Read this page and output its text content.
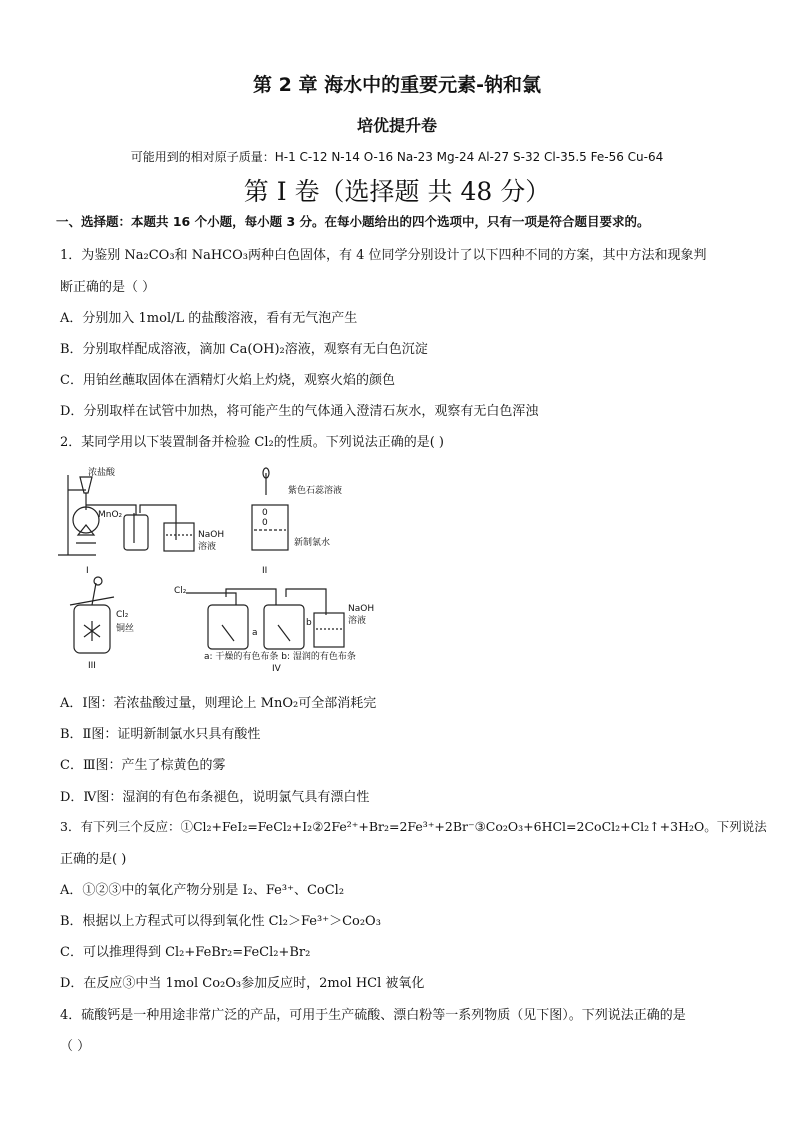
第 2 章 海水中的重要元素-钠和氯
培优提升卷
可能用到的相对原子质量：H-1 C-12 N-14 O-16 Na-23 Mg-24 Al-27 S-32 Cl-35.5 Fe-56 Cu-64
第 I 卷（选择题 共 48 分）
一、选择题：本题共 16 个小题，每小题 3 分。在每小题给出的四个选项中，只有一项是符合题目要求的。
1．为鉴别 Na₂CO₃和 NaHCO₃两种白色固体，有 4 位同学分别设计了以下四种不同的方案，其中方法和现象判
断正确的是（ ）
A．分别加入 1mol/L 的盐酸溶液，看有无气泡产生
B．分别取样配成溶液，滴加 Ca(OH)₂溶液，观察有无白色沉淀
C．用铂丝蘸取固体在酒精灯火焰上灼烧，观察火焰的颜色
D．分别取样在试管中加热，将可能产生的气体通入澄清石灰水，观察有无白色浑浊
2．某同学用以下装置制备并检验 Cl₂的性质。下列说法正确的是( )
浓盐酸
MnO₂
NaOH
溶液
I
0
0
紫色石蕊溶液
新制氯水
II
Cl₂
铜丝
III
Cl₂
a
b
NaOH
溶液
a: 干燥的有色布条 b: 湿润的有色布条
IV
A．Ⅰ图：若浓盐酸过量，则理论上 MnO₂可全部消耗完
B．Ⅱ图：证明新制氯水只具有酸性
C．Ⅲ图：产生了棕黄色的雾
D．Ⅳ图：湿润的有色布条褪色，说明氯气具有漂白性
3．有下列三个反应：①Cl₂+FeI₂=FeCl₂+I₂②2Fe²⁺+Br₂=2Fe³⁺+2Br⁻③Co₂O₃+6HCl=2CoCl₂+Cl₂↑+3H₂O。下列说法
正确的是( )
A．①②③中的氧化产物分别是 I₂、Fe³⁺、CoCl₂
B．根据以上方程式可以得到氧化性 Cl₂＞Fe³⁺＞Co₂O₃
C．可以推理得到 Cl₂+FeBr₂=FeCl₂+Br₂
D．在反应③中当 1mol Co₂O₃参加反应时，2mol HCl 被氧化
4．硫酸钙是一种用途非常广泛的产品，可用于生产硫酸、漂白粉等一系列物质（见下图）。下列说法正确的是
（ ）
